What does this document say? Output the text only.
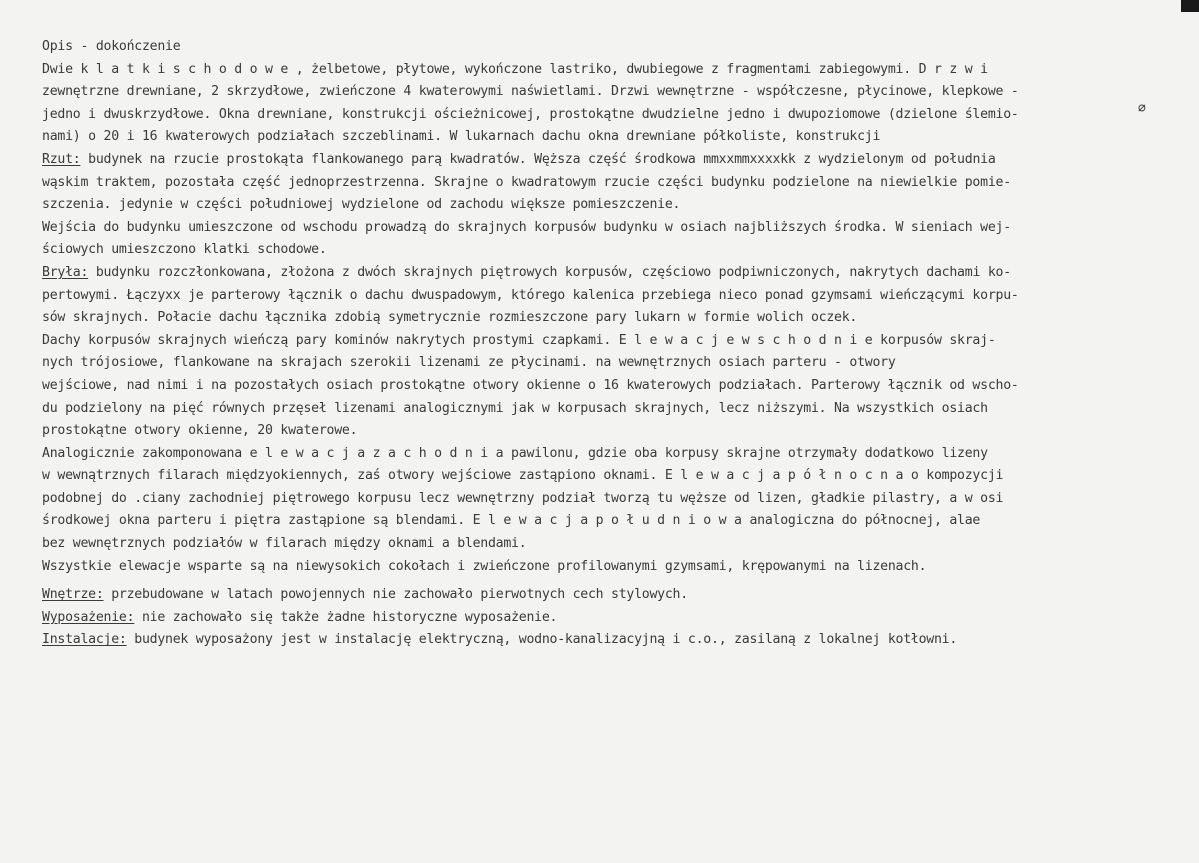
∅
Opis - dokończenie
Dwie k l a t k i s c h o d o w e , żelbetowe, płytowe, wykończone lastriko, dwubiegowe z fragmentami zabiegowymi. D r z w i
zewnętrzne drewniane, 2 skrzydłowe, zwieńczone 4 kwaterowymi naświetlami. Drzwi wewnętrzne - współczesne, płycinowe, klepkowe -
jedno i dwuskrzydłowe. Okna drewniane, konstrukcji ościeżnicowej, prostokątne dwudzielne jedno i dwupoziomowe (dzielone ślemio-
nami) o 20 i 16 kwaterowych podziałach szczeblinami. W lukarnach dachu okna drewniane półkoliste, konstrukcji
Rzut: budynek na rzucie prostokąta flankowanego parą kwadratów. Węższa część środkowa mmxxmmxxxxkk z wydzielonym od południa
wąskim traktem, pozostała część jednoprzestrzenna. Skrajne o kwadratowym rzucie części budynku podzielone na niewielkie pomie-
szczenia. jedynie w części południowej wydzielone od zachodu większe pomieszczenie.
Wejścia do budynku umieszczone od wschodu prowadzą do skrajnych korpusów budynku w osiach najbliższych środka. W sieniach wej-
ściowych umieszczono klatki schodowe.
Bryła: budynku rozczłonkowana, złożona z dwóch skrajnych piętrowych korpusów, częściowo podpiwniczonych, nakrytych dachami ko-
pertowymi. Łączyxx je parterowy łącznik o dachu dwuspadowym, którego kalenica przebiega nieco ponad gzymsami wieńczącymi korpu-
sów skrajnych. Połacie dachu łącznika zdobią symetrycznie rozmieszczone pary lukarn w formie wolich oczek.
Dachy korpusów skrajnych wieńczą pary kominów nakrytych prostymi czapkami. E l e w a c j e w s c h o d n i e korpusów skraj-
nych trójosiowe, flankowane na skrajach szerokii lizenami ze płycinami. na wewnętrznych osiach parteru - otwory
wejściowe, nad nimi i na pozostałych osiach prostokątne otwory okienne o 16 kwaterowych podziałach. Parterowy łącznik od wscho-
du podzielony na pięć równych przęseł lizenami analogicznymi jak w korpusach skrajnych, lecz niższymi. Na wszystkich osiach
prostokątne otwory okienne, 20 kwaterowe.
Analogicznie zakomponowana e l e w a c j a z a c h o d n i a pawilonu, gdzie oba korpusy skrajne otrzymały dodatkowo lizeny
w wewnątrznych filarach międzyokiennych, zaś otwory wejściowe zastąpiono oknami. E l e w a c j a p ó ł n o c n a o kompozycji
podobnej do .ciany zachodniej piętrowego korpusu lecz wewnętrzny podział tworzą tu węższe od lizen, gładkie pilastry, a w osi
środkowej okna parteru i piętra zastąpione są blendami. E l e w a c j a p o ł u d n i o w a analogiczna do północnej, alae
bez wewnętrznych podziałów w filarach między oknami a blendami.
Wszystkie elewacje wsparte są na niewysokich cokołach i zwieńczone profilowanymi gzymsami, krępowanymi na lizenach.
Wnętrze: przebudowane w latach powojennych nie zachowało pierwotnych cech stylowych.
Wyposażenie: nie zachowało się także żadne historyczne wyposażenie.
Instalacje: budynek wyposażony jest w instalację elektryczną, wodno-kanalizacyjną i c.o., zasilaną z lokalnej kotłowni.
